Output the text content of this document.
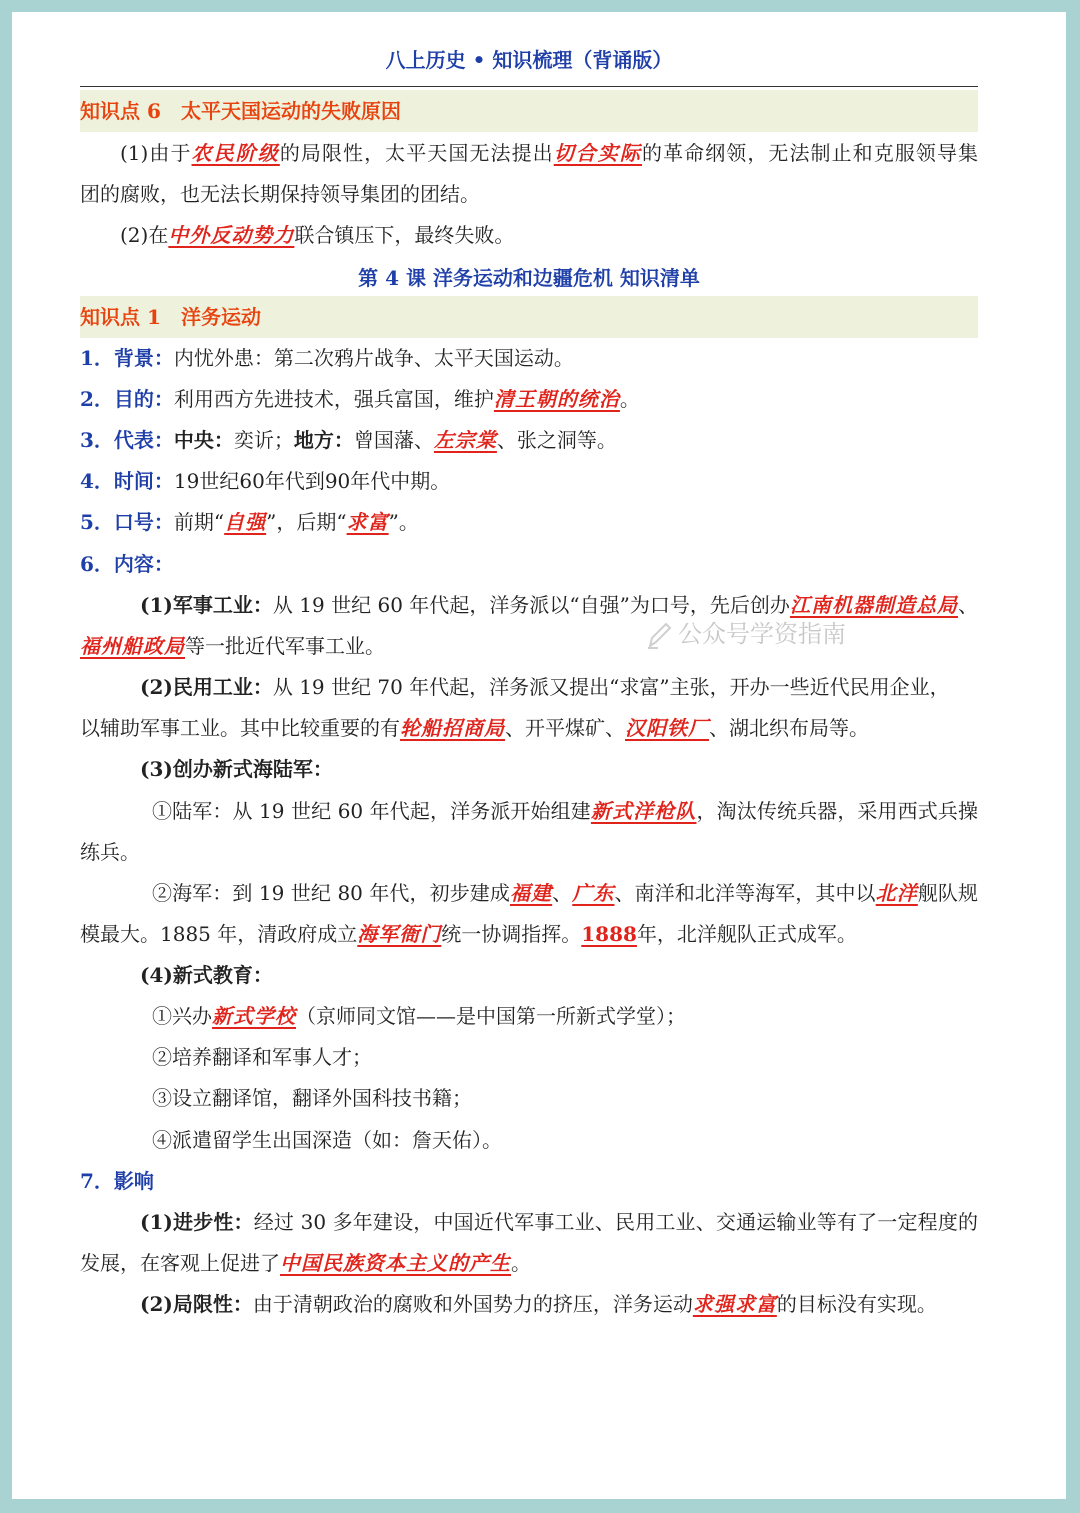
八上历史 • 知识梳理（背诵版）
知识点 6 太平天国运动的失败原因
(1)由于农民阶级的局限性，太平天国无法提出切合实际的革命纲领，无法制止和克服领导集
团的腐败，也无法长期保持领导集团的团结。
(2)在中外反动势力联合镇压下，最终失败。
第 4 课 洋务运动和边疆危机 知识清单
知识点 1 洋务运动
1．背景：内忧外患：第二次鸦片战争、太平天国运动。
2．目的：利用西方先进技术，强兵富国，维护清王朝的统治。
3．代表：中央：奕䜣；地方：曾国藩、左宗棠、张之洞等。
4．时间：19世纪60年代到90年代中期。
5．口号：前期“自强”，后期“求富”。
6．内容：
(1)军事工业：从 19 世纪 60 年代起，洋务派以“自强”为口号，先后创办江南机器制造总局、
福州船政局等一批近代军事工业。	公众号学资指南
(2)民用工业：从 19 世纪 70 年代起，洋务派又提出“求富”主张，开办一些近代民用企业，
以辅助军事工业。其中比较重要的有轮船招商局、开平煤矿、汉阳铁厂、湖北织布局等。
(3)创办新式海陆军：
①陆军：从 19 世纪 60 年代起，洋务派开始组建新式洋枪队，淘汰传统兵器，采用西式兵操
练兵。
②海军：到 19 世纪 80 年代，初步建成福建、广东、南洋和北洋等海军，其中以北洋舰队规
模最大。1885 年，清政府成立海军衙门统一协调指挥。1888年，北洋舰队正式成军。
(4)新式教育：
①兴办新式学校（京师同文馆——是中国第一所新式学堂）；
②培养翻译和军事人才；
③设立翻译馆，翻译外国科技书籍；
④派遣留学生出国深造（如：詹天佑）。
7．影响
(1)进步性：经过 30 多年建设，中国近代军事工业、民用工业、交通运输业等有了一定程度的
发展，在客观上促进了中国民族资本主义的产生。
(2)局限性：由于清朝政治的腐败和外国势力的挤压，洋务运动求强求富的目标没有实现。
